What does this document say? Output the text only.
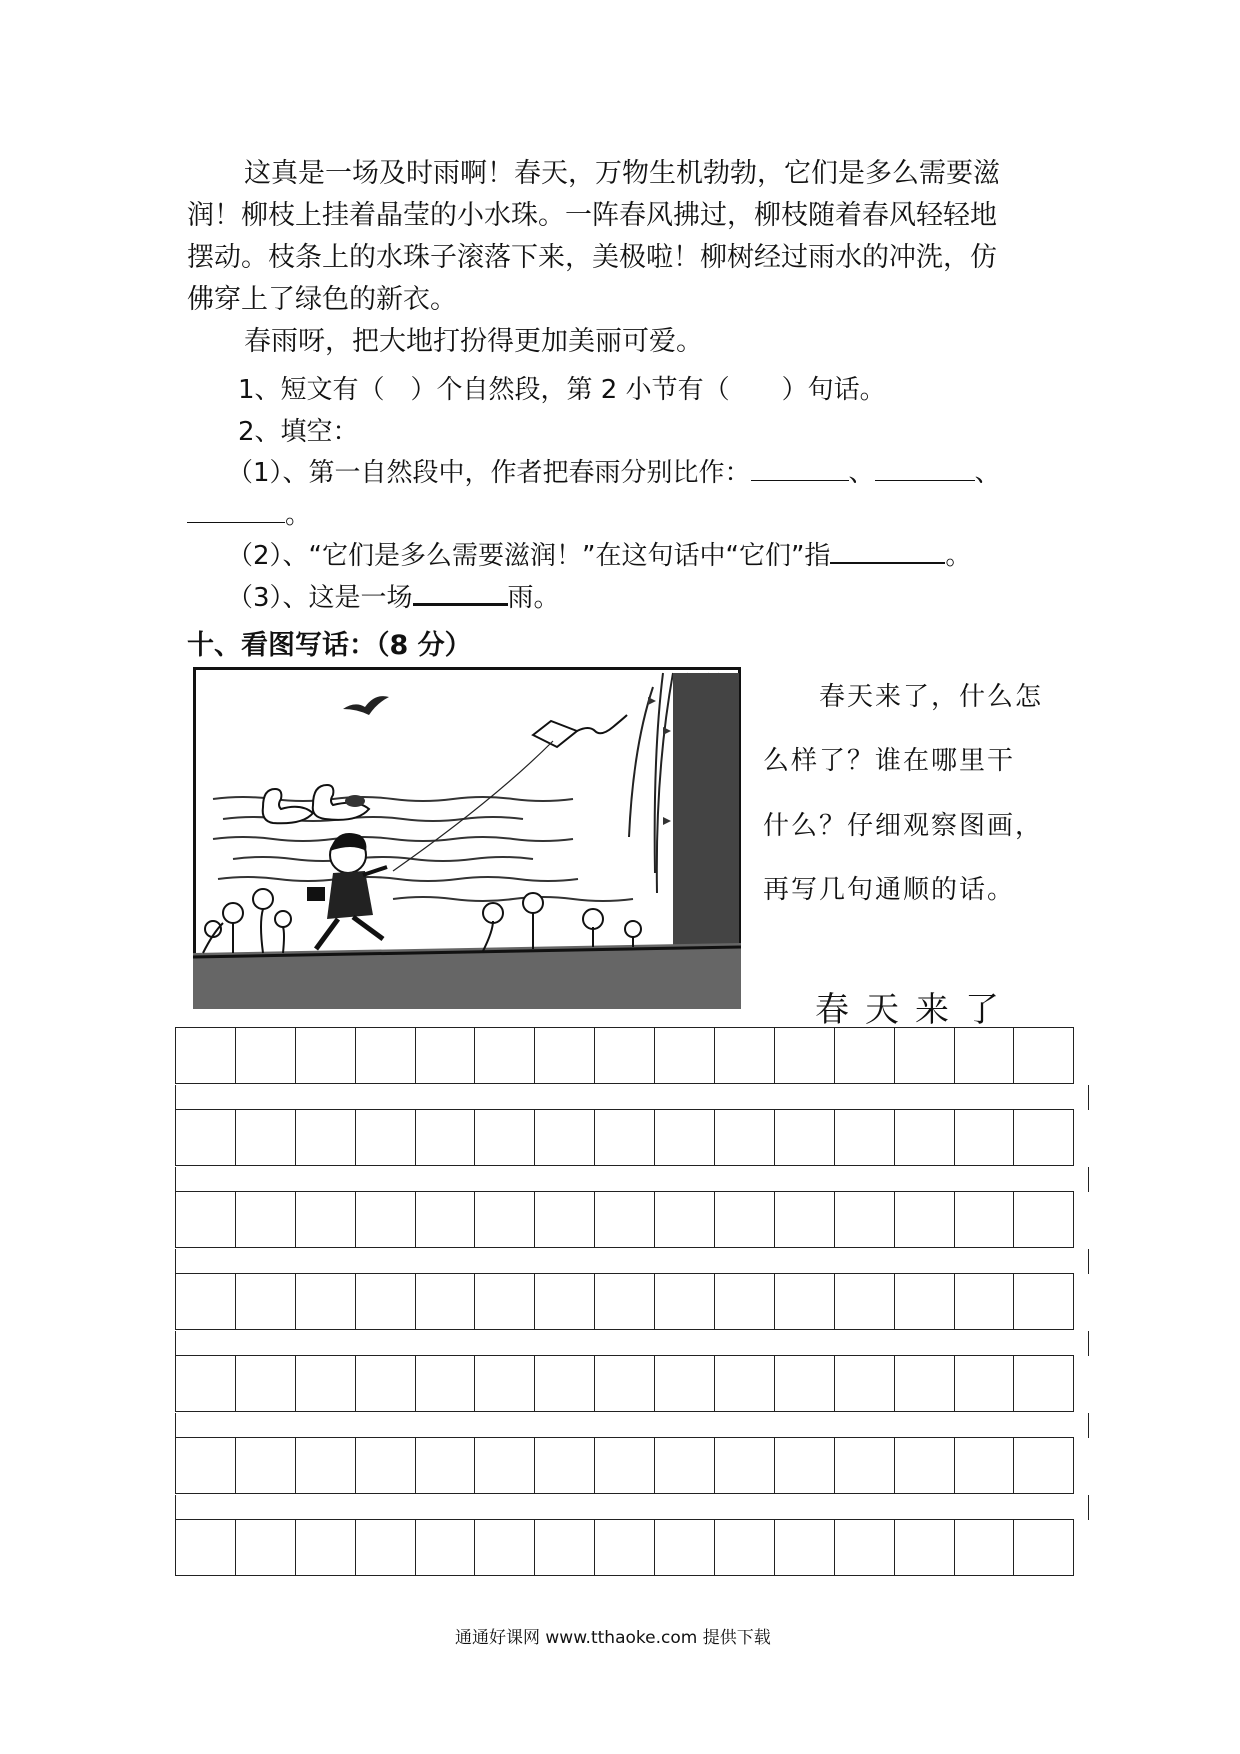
这真是一场及时雨啊！春天，万物生机勃勃，它们是多么需要滋
润！柳枝上挂着晶莹的小水珠。一阵春风拂过，柳枝随着春风轻轻地
摆动。枝条上的水珠子滚落下来，美极啦！柳树经过雨水的冲洗，仿
佛穿上了绿色的新衣。
春雨呀，把大地打扮得更加美丽可爱。
1、短文有（　）个自然段，第 2 小节有（　　）句话。
2、填空：
（1）、第一自然段中，作者把春雨分别比作：	、	、
。
（2）、“它们是多么需要滋润！”在这句话中“它们”指	。
（3）、这是一场	雨。
十、看图写话：（8 分）
春天来了，什么怎
么样了？谁在哪里干
什么？仔细观察图画，
再写几句通顺的话。
春天来了
通通好课网 www.tthaoke.com 提供下载
